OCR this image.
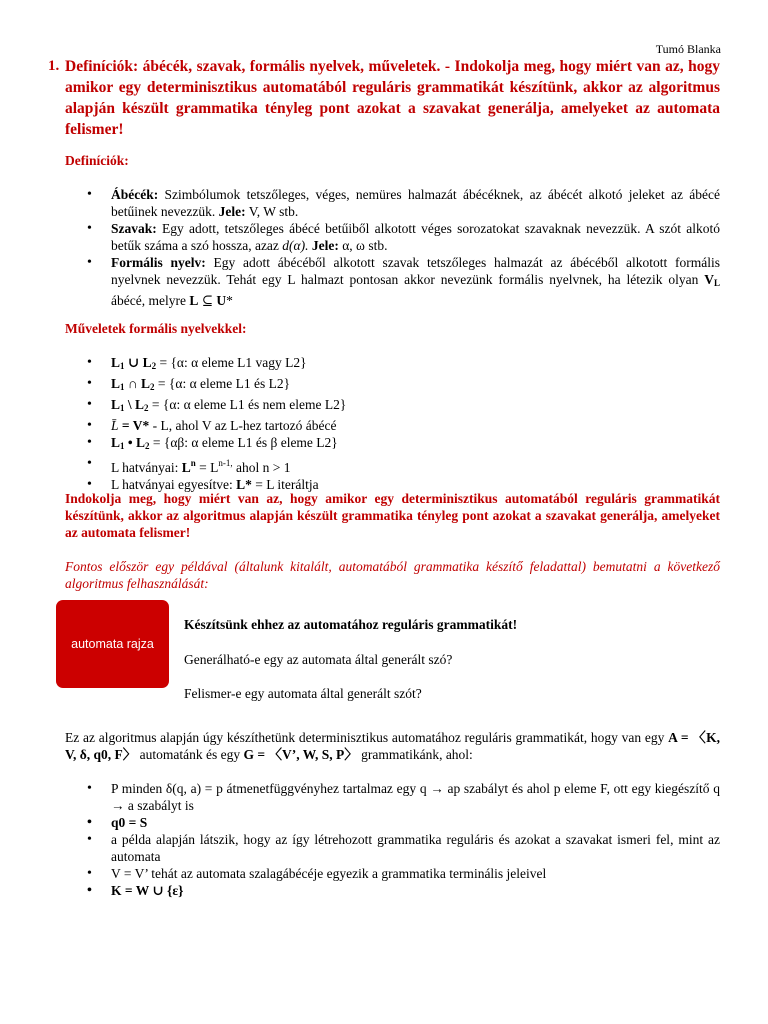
Tumó Blanka
1. Definíciók: ábécék, szavak, formális nyelvek, műveletek. - Indokolja meg, hogy miért van az, hogy amikor egy determinisztikus automatából reguláris grammatikát készítünk, akkor az algoritmus alapján készült grammatika tényleg pont azokat a szavakat generálja, amelyeket az automata felismer!
Definíciók:
• Ábécék: Szimbólumok tetszőleges, véges, nemüres halmazát ábécéknek, az ábécét alkotó jeleket az ábécé betűinek nevezzük. Jele: V, W stb.
• Szavak: Egy adott, tetszőleges ábécé betűiből alkotott véges sorozatokat szavaknak nevezzük. A szót alkotó betűk száma a szó hossza, azaz d(α). Jele: α, ω stb.
• Formális nyelv: Egy adott ábécéből alkotott szavak tetszőleges halmazát az ábécéből alkotott formális nyelvnek nevezzük. Tehát egy L halmazt pontosan akkor nevezünk formális nyelvnek, ha létezik olyan $V_L$ ábécé, melyre L ⊆ U*
Műveletek formális nyelvekkel:
• $L_1$ ∪ $L_2 = \{\alpha$: α eleme L1 vagy L2}
• $L_1$ ∩ $L_2 = \{\alpha$: α eleme L1 és L2}
• $L_1$ \ $L_2 = \{\alpha$: α eleme L1 és nem eleme L2}
• L̄ = V* - L, ahol V az L-hez tartozó ábécé
• $L_1$ • $L_2 = \{\alpha\beta$: α eleme L1 és β eleme L2}
• L hatványai: $L^n = L^{n-1,}$ ahol n > 1
• L hatványai egyesítve: L* = L iteráltja
Indokolja meg, hogy miért van az, hogy amikor egy determinisztikus automatából reguláris grammatikát készítünk, akkor az algoritmus alapján készült grammatika tényleg pont azokat a szavakat generálja, amelyeket az automata felismer!
Fontos először egy példával (általunk kitalált, automatából grammatika készítő feladattal) bemutatni a következő algoritmus felhasználását:
automata rajza
Készítsünk ehhez az automatához reguláris grammatikát!
Generálható-e egy az automata által generált szó?
Felismer-e egy automata által generált szót?
Ez az algoritmus alapján úgy készíthetünk determinisztikus automatához reguláris grammatikát, hogy van egy A = 〈K, V, δ, q0, F〉 automatánk és egy G = 〈V’, W, S, P〉 grammatikánk, ahol:
• P minden δ(q, a) = p átmenetfüggvényhez tartalmaz egy q → ap szabályt és ahol p eleme F, ott egy kiegészítő q → a szabályt is
• q0 = S
• a példa alapján látszik, hogy az így létrehozott grammatika reguláris és azokat a szavakat ismeri fel, mint az automata
• V = V’ tehát az automata szalagábécéje egyezik a grammatika terminális jeleivel
• K = W ∪ {ε}
